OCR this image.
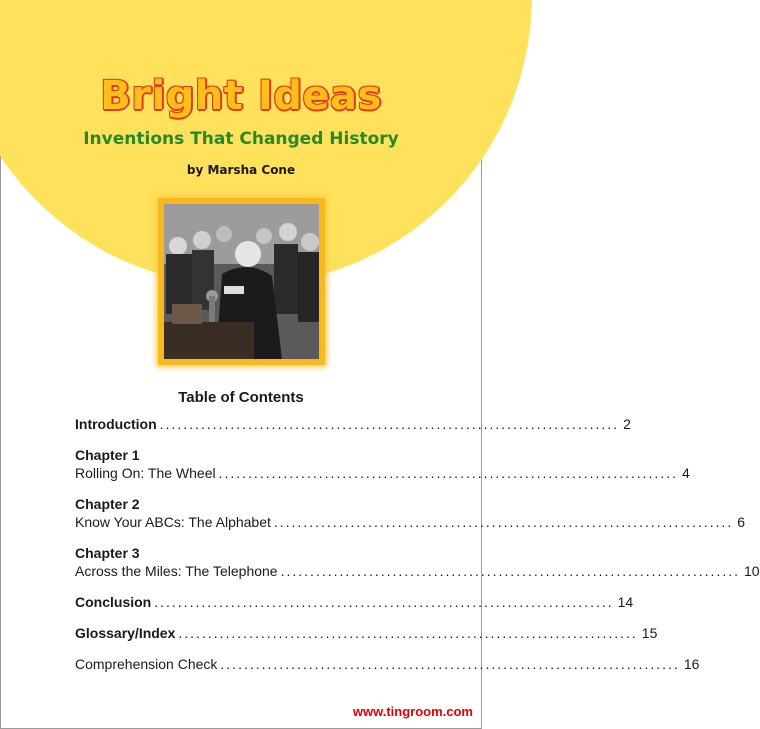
Bright Ideas
Inventions That Changed History
by Marsha Cone
Table of Contents
Introduction .............................................................................. 2
Chapter 1
Rolling On: The Wheel .............................................................................. 4
Chapter 2
Know Your ABCs: The Alphabet .............................................................................. 6
Chapter 3
Across the Miles: The Telephone .............................................................................. 10
Conclusion .............................................................................. 14
Glossary/Index .............................................................................. 15
Comprehension Check .............................................................................. 16
www.tingroom.com
